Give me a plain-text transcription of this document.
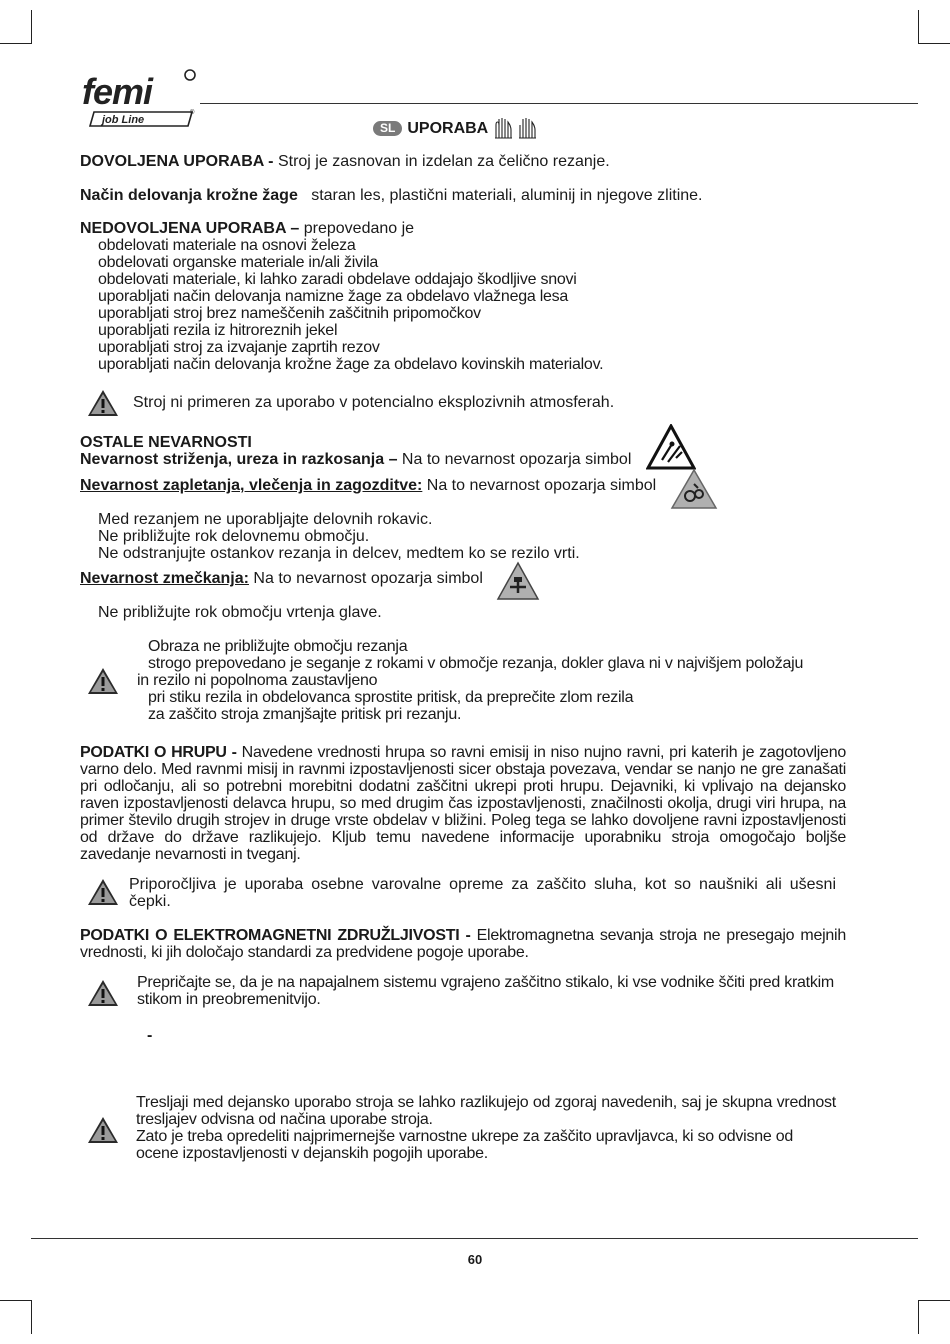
femi
job Line
®
SL UPORABA
DOVOLJENA UPORABA - Stroj je zasnovan in izdelan za čelično rezanje.
Način delovanja krožne žage   staran les, plastični materiali, aluminij in njegove zlitine.
NEDOVOLJENA UPORABA – prepovedano je
obdelovati materiale na osnovi železa
obdelovati organske materiale in/ali živila
obdelovati materiale, ki lahko zaradi obdelave oddajajo škodljive snovi
uporabljati način delovanja namizne žage za obdelavo vlažnega lesa
uporabljati stroj brez nameščenih zaščitnih pripomočkov
uporabljati rezila iz hitroreznih jekel
uporabljati stroj za izvajanje zaprtih rezov
uporabljati način delovanja krožne žage za obdelavo kovinskih materialov.
Stroj ni primeren za uporabo v potencialno eksplozivnih atmosferah.
OSTALE NEVARNOSTI
Nevarnost striženja, ureza in razkosanja – Na to nevarnost opozarja simbol
Nevarnost zapletanja, vlečenja in zagozditve: Na to nevarnost opozarja simbol
Med rezanjem ne uporabljajte delovnih rokavic.
Ne približujte rok delovnemu območju.
Ne odstranjujte ostankov rezanja in delcev, medtem ko se rezilo vrti.
Nevarnost zmečkanja: Na to nevarnost opozarja simbol
Ne približujte rok območju vrtenja glave.
Obraza ne približujte območju rezanja
strogo prepovedano je seganje z rokami v območje rezanja, dokler glava ni v najvišjem položaju
in rezilo ni popolnoma zaustavljeno
pri stiku rezila in obdelovanca sprostite pritisk, da preprečite zlom rezila
za zaščito stroja zmanjšajte pritisk pri rezanju.
PODATKI O HRUPU - Navedene vrednosti hrupa so ravni emisij in niso nujno ravni, pri katerih je zagotovljeno varno delo. Med ravnmi misij in ravnmi izpostavljenosti sicer obstaja povezava, vendar se nanjo ne gre zanašati pri odločanju, ali so potrebni morebitni dodatni zaščitni ukrepi proti hrupu. Dejavniki, ki vplivajo na dejansko raven izpostavljenosti delavca hrupu, so med drugim čas izpostavljenosti, značilnosti okolja, drugi viri hrupa, na primer število drugih strojev in druge vrste obdelav v bližini. Poleg tega se lahko dovoljene ravni izpostavljenosti od države do države razlikujejo. Kljub temu navedene informacije uporabniku stroja omogočajo boljše zavedanje nevarnosti in tveganj.
Priporočljiva je uporaba osebne varovalne opreme za zaščito sluha, kot so naušniki ali ušesni čepki.
PODATKI O ELEKTROMAGNETNI ZDRUŽLJIVOSTI - Elektromagnetna sevanja stroja ne presegajo mejnih vrednosti, ki jih določajo standardi za predvidene pogoje uporabe.
Prepričajte se, da je na napajalnem sistemu vgrajeno zaščitno stikalo, ki vse vodnike ščiti pred kratkim stikom in preobremenitvijo.
-
Tresljaji med dejansko uporabo stroja se lahko razlikujejo od zgoraj navedenih, saj je skupna vrednost tresljajev odvisna od načina uporabe stroja.
Zato je treba opredeliti najprimernejše varnostne ukrepe za zaščito upravljavca, ki so odvisne od ocene izpostavljenosti v dejanskih pogojih uporabe.
60
